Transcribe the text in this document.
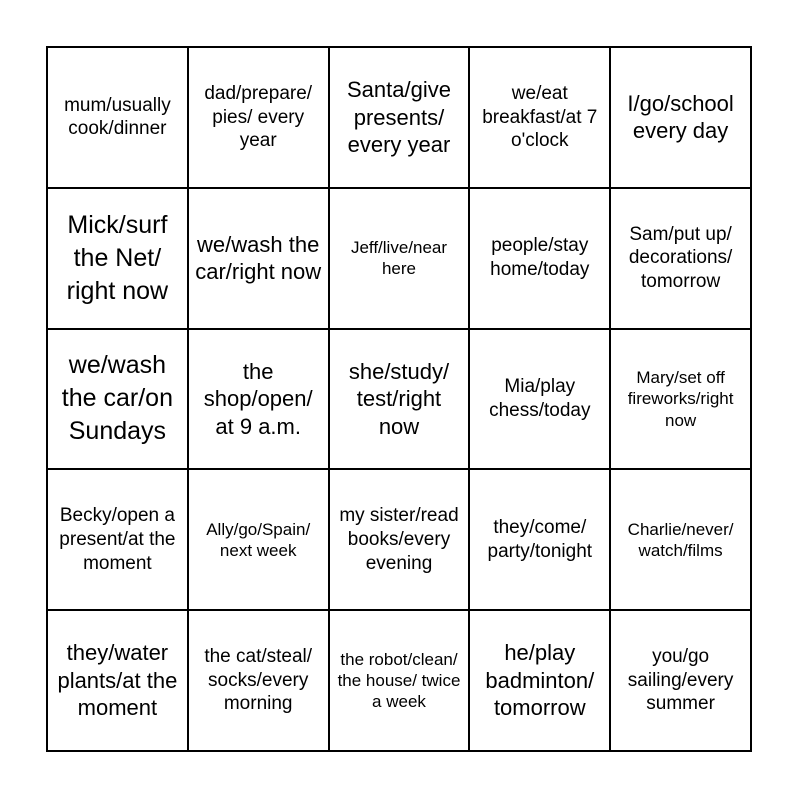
mum/usually cook/dinner
dad/prepare/ pies/ every year
Santa/give presents/ every year
we/eat breakfast/at 7 o'clock
I/go/school every day
Mick/surf the Net/ right now
we/wash the car/right now
Jeff/live/near here
people/stay home/today
Sam/put up/ decorations/ tomorrow
we/wash the car/on Sundays
the shop/open/ at 9 a.m.
she/study/ test/right now
Mia/play chess/today
Mary/set off fireworks/right now
Becky/open a present/at the moment
Ally/go/Spain/ next week
my sister/read books/every evening
they/come/ party/tonight
Charlie/never/ watch/films
they/water plants/at the moment
the cat/steal/ socks/every morning
the robot/clean/ the house/ twice a week
he/play badminton/ tomorrow
you/go sailing/every summer
